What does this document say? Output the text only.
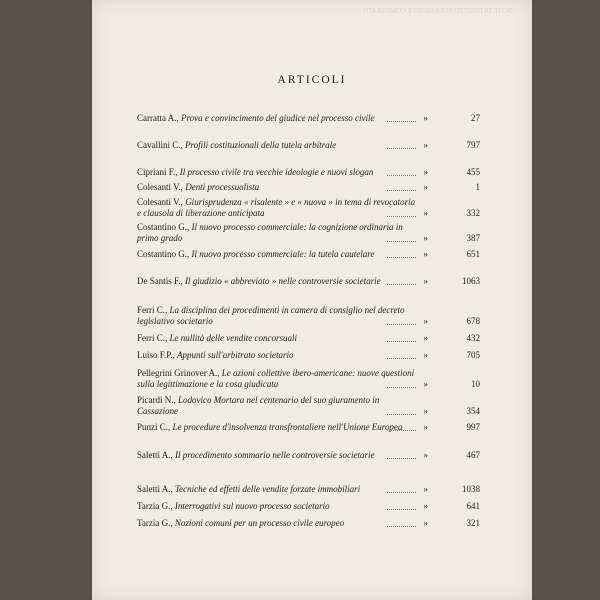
NOTE DI DIRITTO STRANIERO E COMPARATO
ARTICOLI
Carratta A., Prova e convincimento del giudice nel processo civile	»	27
Cavallini C., Profili costituzionali della tutela arbitrale	»	797
Cipriani F., Il processo civile tra vecchie ideologie e nuovi slogan	»	455
Colesanti V., Denti processualista	»	1
Colesanti V., Giurisprudenza « risalente » e « nuova » in tema di revocatoria e clausola di liberazione anticipata	»	332
Costantino G., Il nuovo processo commerciale: la cognizione ordinaria in primo grado	»	387
Costantino G., Il nuovo processo commerciale: la tutela cautelare	»	651
De Santis F., Il giudizio « abbreviato » nelle controversie societarie	»	1063
Ferri C., La disciplina dei procedimenti in camera di consiglio nel decreto legislativo societario	»	678
Ferri C., Le nullità delle vendite concorsuali	»	432
Luiso F.P., Appunti sull'arbitrato societario	»	705
Pellegrini Grinover A., Le azioni collettive ibero-americane: nuove questioni sulla legittimazione e la cosa giudicata	»	10
Picardi N., Lodovico Mortara nel centenario del suo giuramento in Cassazione	»	354
Punzi C., Le procedure d'insolvenza transfrontaliere nell'Unione Europea	»	997
Saletti A., Il procedimento sommario nelle controversie societarie	»	467
Saletti A., Tecniche ed effetti delle vendite forzate immobiliari	»	1038
Tarzia G., Interrogativi sul nuovo processo societario	»	641
Tarzia G., Nozioni comuni per un processo civile europeo	»	321
